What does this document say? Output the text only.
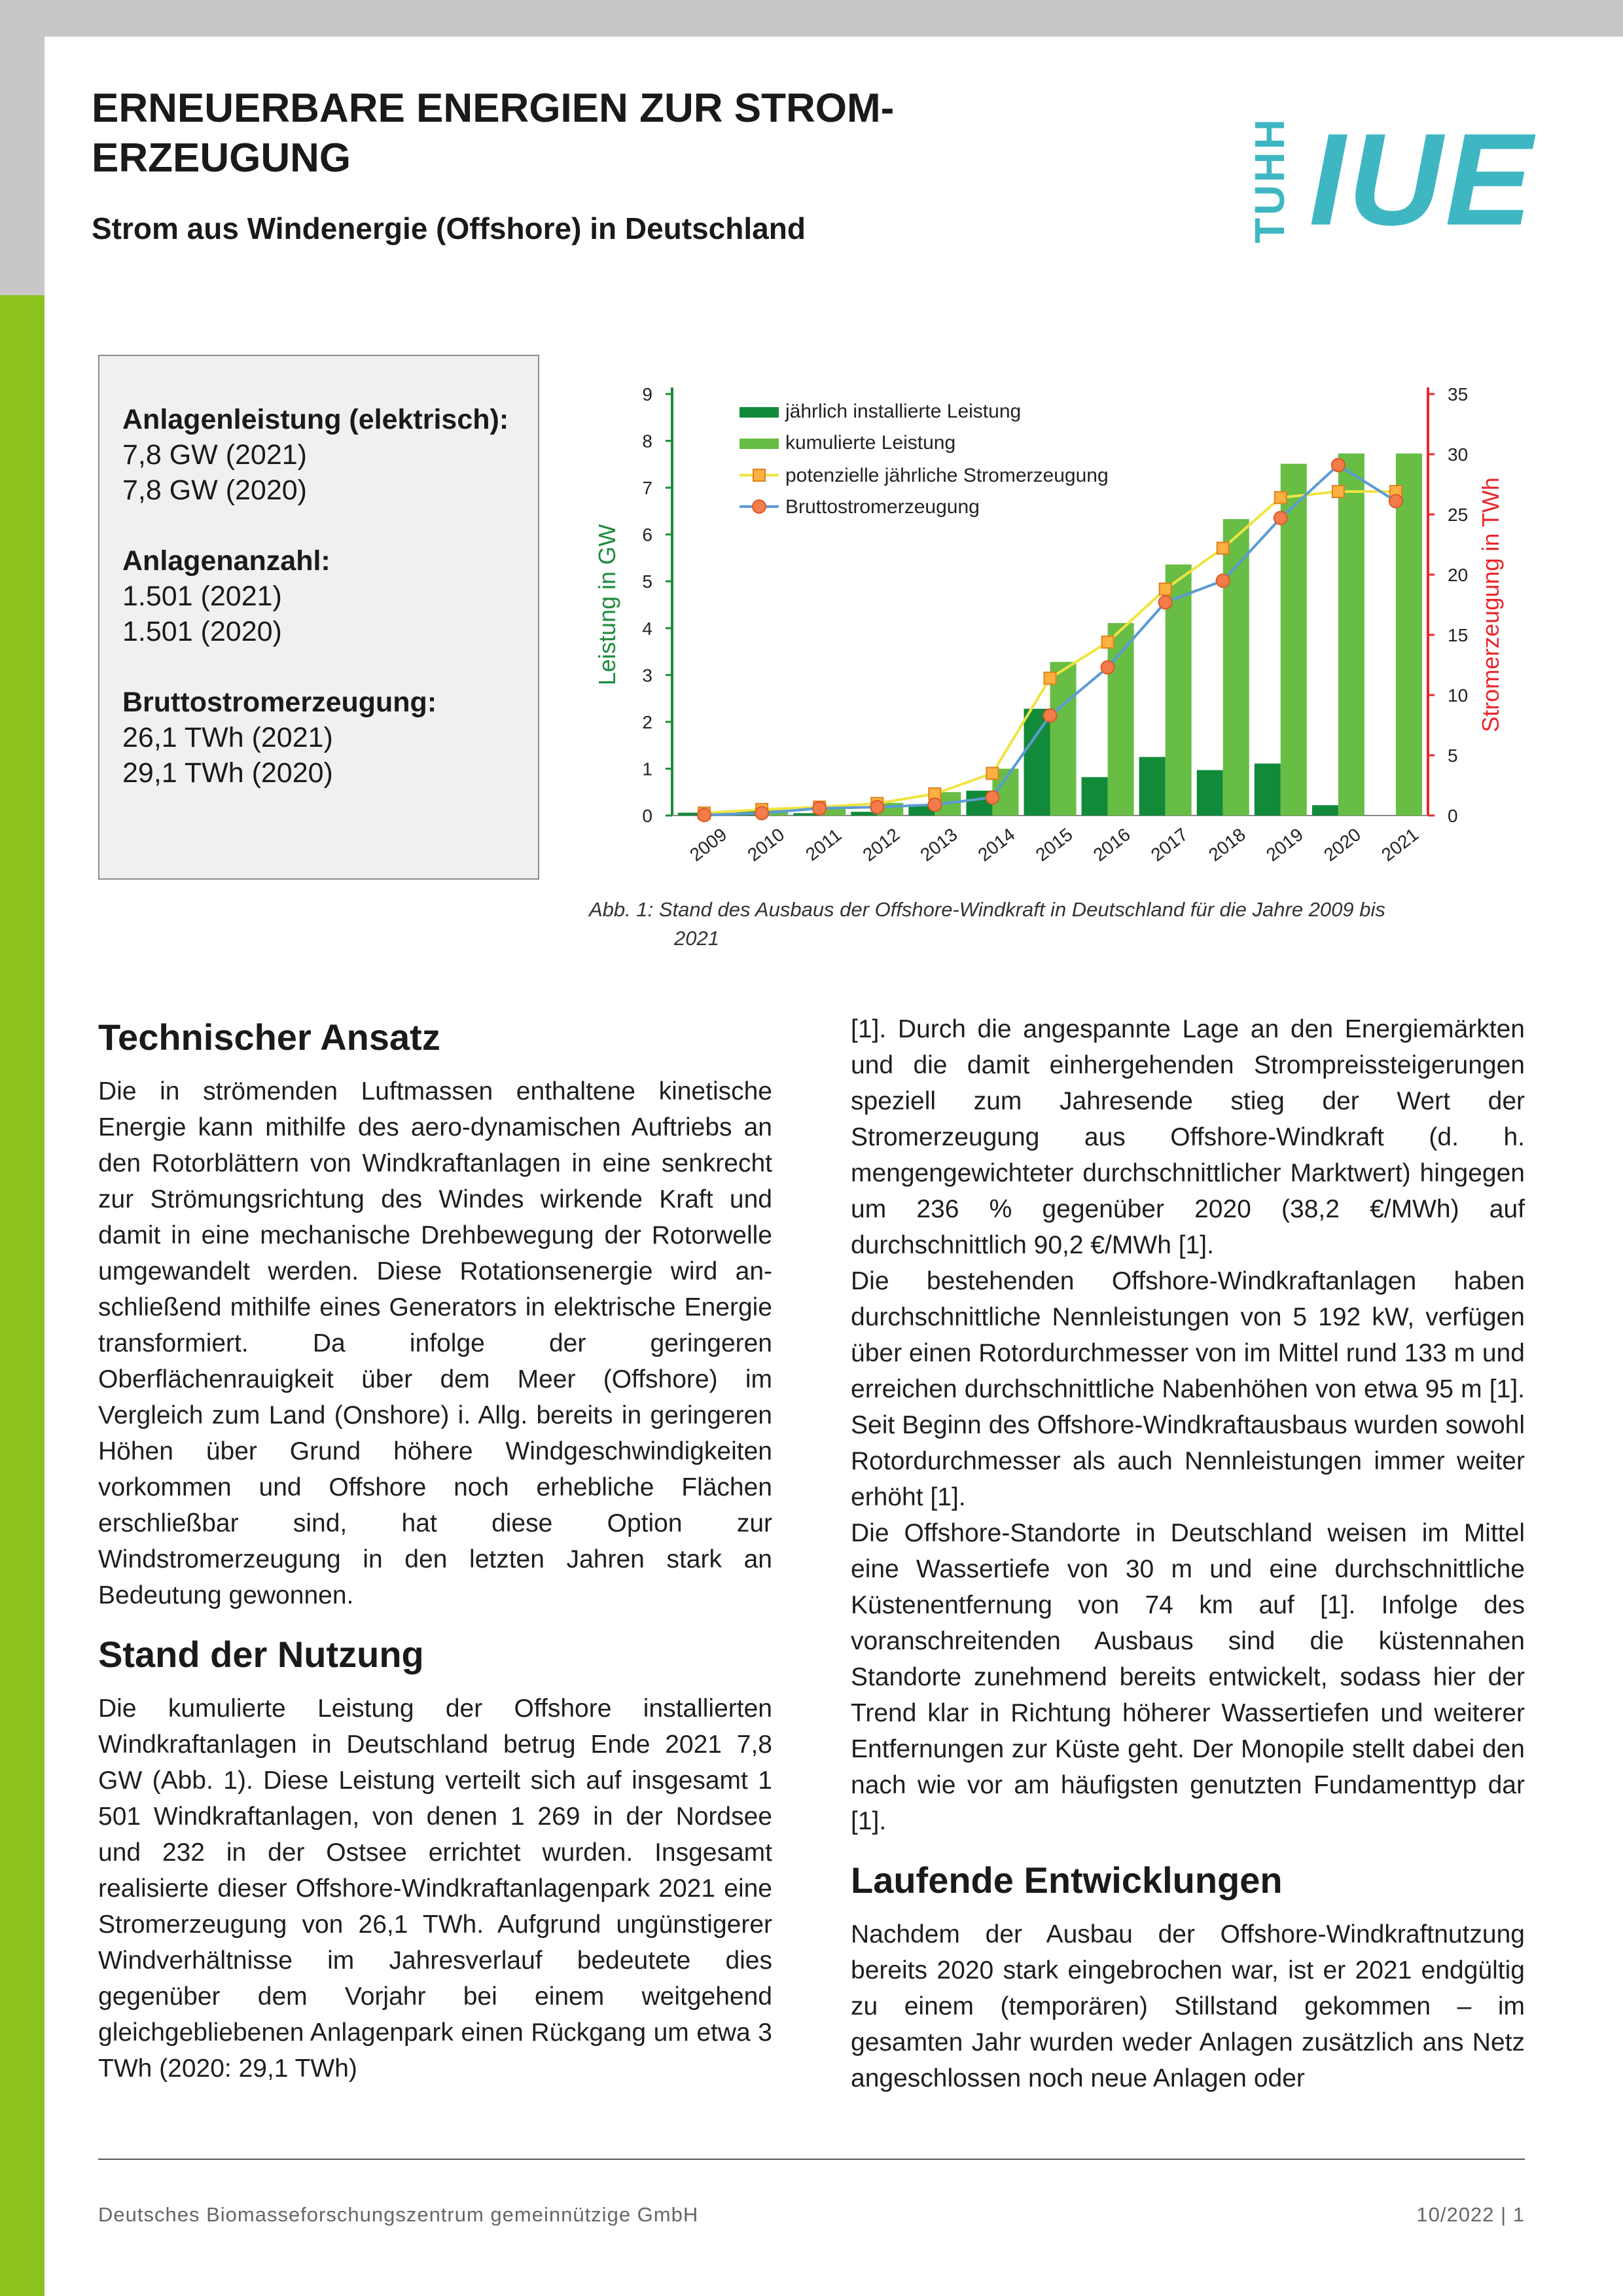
ERNEUERBARE ENERGIEN ZUR STROM-
ERZEUGUNG
Strom aus Windenergie (Offshore) in Deutschland	TUHH IUE
Anlagenleistung (elektrisch):
7,8 GW (2021)
7,8 GW (2020)
Anlagenanzahl:
1.501 (2021)
1.501 (2020)
Bruttostromerzeugung:
26,1 TWh (2021)
29,1 TWh (2020)
0
1
2
3
4
5
6
7
8
9
0
5
10
15
20
25
30
35
Leistung in GW	Stromerzeugung in TWh
2009 2010 2011 2012 2013 2014 2015 2016 2017 2018 2019 2020 2021
jährlich installierte Leistung
kumulierte Leistung
potenzielle jährliche Stromerzeugung
Bruttostromerzeugung
Abb. 1: Stand des Ausbaus der Offshore-Windkraft in Deutschland für die Jahre 2009 bis
2021
Technischer Ansatz

Die in strömenden Luftmassen enthaltene kinetische Energie kann mithilfe des aero-dynamischen Auftriebs an den Rotorblättern von Windkraftanlagen in eine senkrecht zur Strömungsrichtung des Windes wirkende Kraft und damit in eine mechanische Drehbewegung der Rotorwelle umgewandelt werden. Diese Rotationsenergie wird an-schließend mithilfe eines Generators in elektrische Energie transformiert. Da infolge der geringeren Oberflächenrauigkeit über dem Meer (Offshore) im Vergleich zum Land (Onshore) i. Allg. bereits in geringeren Höhen über Grund höhere Windgeschwindigkeiten vorkommen und Offshore noch erhebliche Flächen erschließbar sind, hat diese Option zur Windstromerzeugung in den letzten Jahren stark an Bedeutung gewonnen.

Stand der Nutzung

Die kumulierte Leistung der Offshore installierten Windkraftanlagen in Deutschland betrug Ende 2021 7,8 GW (Abb. 1). Diese Leistung verteilt sich auf insgesamt 1 501 Windkraftanlagen, von denen 1 269 in der Nordsee und 232 in der Ostsee errichtet wurden. Insgesamt realisierte dieser Offshore-Windkraftanlagenpark 2021 eine Stromerzeugung von 26,1 TWh. Aufgrund ungünstigerer Windverhältnisse im Jahresverlauf bedeutete dies gegenüber dem Vorjahr bei einem weitgehend gleichgebliebenen Anlagenpark einen Rückgang um etwa 3 TWh (2020: 29,1 TWh)

[1]. Durch die angespannte Lage an den Energiemärkten und die damit einhergehenden Strompreissteigerungen speziell zum Jahresende stieg der Wert der Stromerzeugung aus Offshore-Windkraft (d. h. mengengewichteter durchschnittlicher Marktwert) hingegen um 236 % gegenüber 2020 (38,2 €/MWh) auf durchschnittlich 90,2 €/MWh [1].

Die bestehenden Offshore-Windkraftanlagen haben durchschnittliche Nennleistungen von 5 192 kW, verfügen über einen Rotordurchmesser von im Mittel rund 133 m und erreichen durchschnittliche Nabenhöhen von etwa 95 m [1]. Seit Beginn des Offshore-Windkraftausbaus wurden sowohl Rotordurchmesser als auch Nennleistungen immer weiter erhöht [1].

Die Offshore-Standorte in Deutschland weisen im Mittel eine Wassertiefe von 30 m und eine durchschnittliche Küstenentfernung von 74 km auf [1]. Infolge des voranschreitenden Ausbaus sind die küstennahen Standorte zunehmend bereits entwickelt, sodass hier der Trend klar in Richtung höherer Wassertiefen und weiterer Entfernungen zur Küste geht. Der Monopile stellt dabei den nach wie vor am häufigsten genutzten Fundamenttyp dar [1].

Laufende Entwicklungen

Nachdem der Ausbau der Offshore-Windkraftnutzung bereits 2020 stark eingebrochen war, ist er 2021 endgültig zu einem (temporären) Stillstand gekommen – im gesamten Jahr wurden weder Anlagen zusätzlich ans Netz angeschlossen noch neue Anlagen oder

Deutsches Biomasseforschungszentrum gemeinnützige GmbH	10/2022 | 1
